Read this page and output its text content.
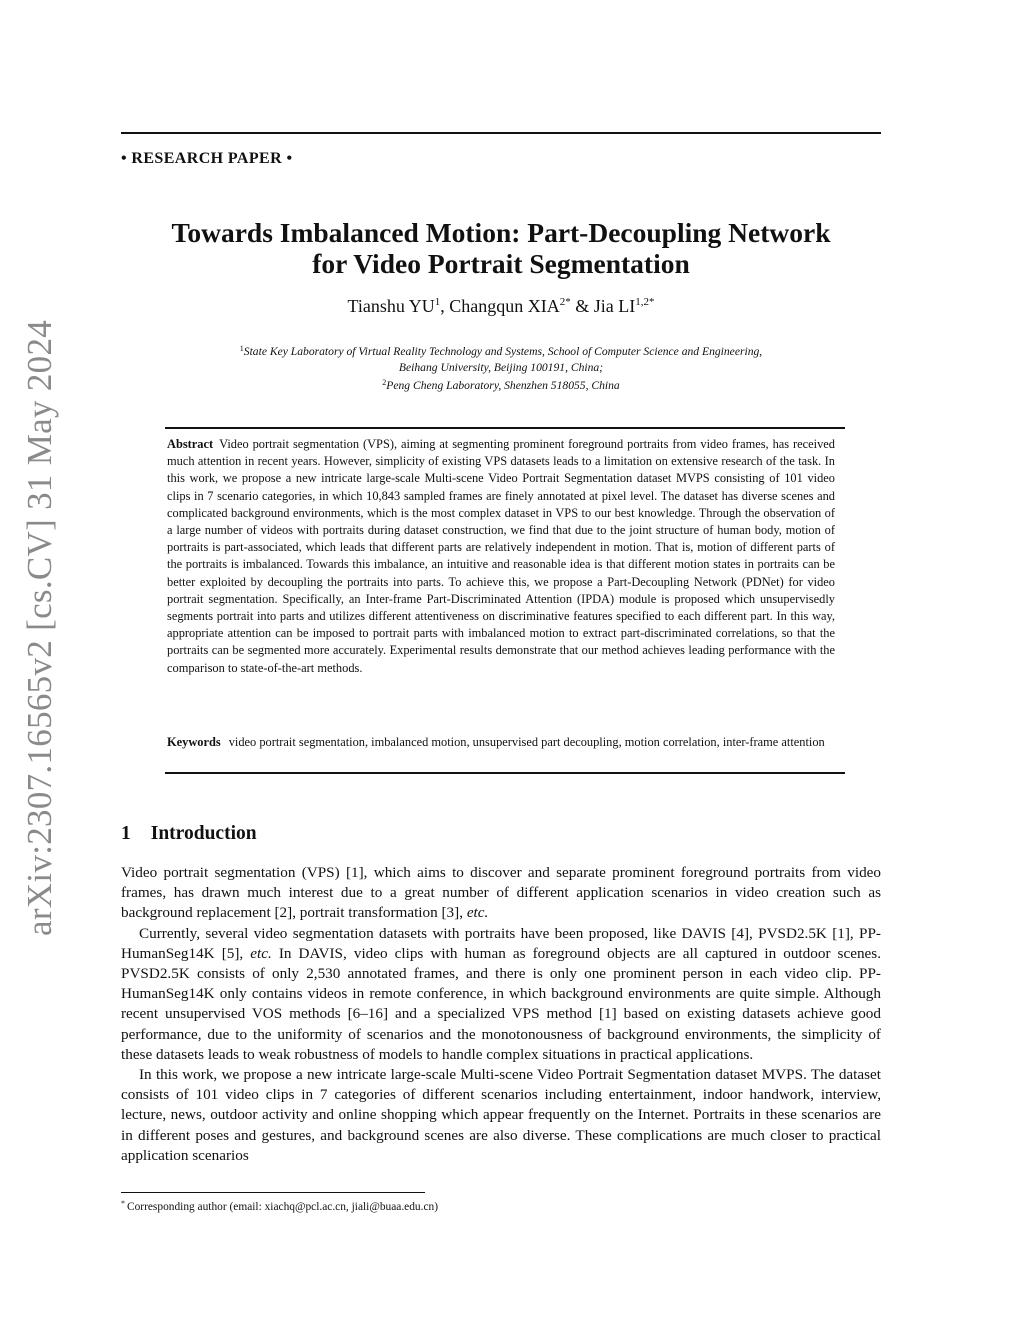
arXiv:2307.16565v2 [cs.CV] 31 May 2024
• RESEARCH PAPER •
Towards Imbalanced Motion: Part-Decoupling Network
for Video Portrait Segmentation
Tianshu $YU^1$, Changqun $XIA^{2*}$ & Jia $LI^{1,2*}$
$^1$State Key Laboratory of Virtual Reality Technology and Systems, School of Computer Science and Engineering,
Beihang University, Beijing 100191, China;
$^2$Peng Cheng Laboratory, Shenzhen 518055, China
Abstract Video portrait segmentation (VPS), aiming at segmenting prominent foreground portraits from video frames, has received much attention in recent years. However, simplicity of existing VPS datasets leads to a limitation on extensive research of the task. In this work, we propose a new intricate large-scale Multi-scene Video Portrait Segmentation dataset MVPS consisting of 101 video clips in 7 scenario categories, in which 10,843 sampled frames are finely annotated at pixel level. The dataset has diverse scenes and complicated background environments, which is the most complex dataset in VPS to our best knowledge. Through the observation of a large number of videos with portraits during dataset construction, we find that due to the joint structure of human body, motion of portraits is part-associated, which leads that different parts are relatively independent in motion. That is, motion of different parts of the portraits is imbalanced. Towards this imbalance, an intuitive and reasonable idea is that different motion states in portraits can be better exploited by decoupling the portraits into parts. To achieve this, we propose a Part-Decoupling Network (PDNet) for video portrait segmentation. Specifically, an Inter-frame Part-Discriminated Attention (IPDA) module is proposed which unsupervisedly segments portrait into parts and utilizes different attentiveness on discriminative features specified to each different part. In this way, appropriate attention can be imposed to portrait parts with imbalanced motion to extract part-discriminated correlations, so that the portraits can be segmented more accurately. Experimental results demonstrate that our method achieves leading performance with the comparison to state-of-the-art methods.
Keywords video portrait segmentation, imbalanced motion, unsupervised part decoupling, motion correlation, inter-frame attention
1 Introduction

Video portrait segmentation (VPS) [1], which aims to discover and separate prominent foreground portraits from video frames, has drawn much interest due to a great number of different application scenarios in video creation such as background replacement [2], portrait transformation [3], etc.

Currently, several video segmentation datasets with portraits have been proposed, like DAVIS [4], PVSD2.5K [1], PP-HumanSeg14K [5], etc. In DAVIS, video clips with human as foreground objects are all captured in outdoor scenes. PVSD2.5K consists of only 2,530 annotated frames, and there is only one prominent person in each video clip. PP-HumanSeg14K only contains videos in remote conference, in which background environments are quite simple. Although recent unsupervised VOS methods [6–16] and a specialized VPS method [1] based on existing datasets achieve good performance, due to the uniformity of scenarios and the monotonousness of background environments, the simplicity of these datasets leads to weak robustness of models to handle complex situations in practical applications.

In this work, we propose a new intricate large-scale Multi-scene Video Portrait Segmentation dataset MVPS. The dataset consists of 101 video clips in 7 categories of different scenarios including entertainment, indoor handwork, interview, lecture, news, outdoor activity and online shopping which appear frequently on the Internet. Portraits in these scenarios are in different poses and gestures, and background scenes are also diverse. These complications are much closer to practical application scenarios

* Corresponding author (email: xiachq@pcl.ac.cn, jiali@buaa.edu.cn)
